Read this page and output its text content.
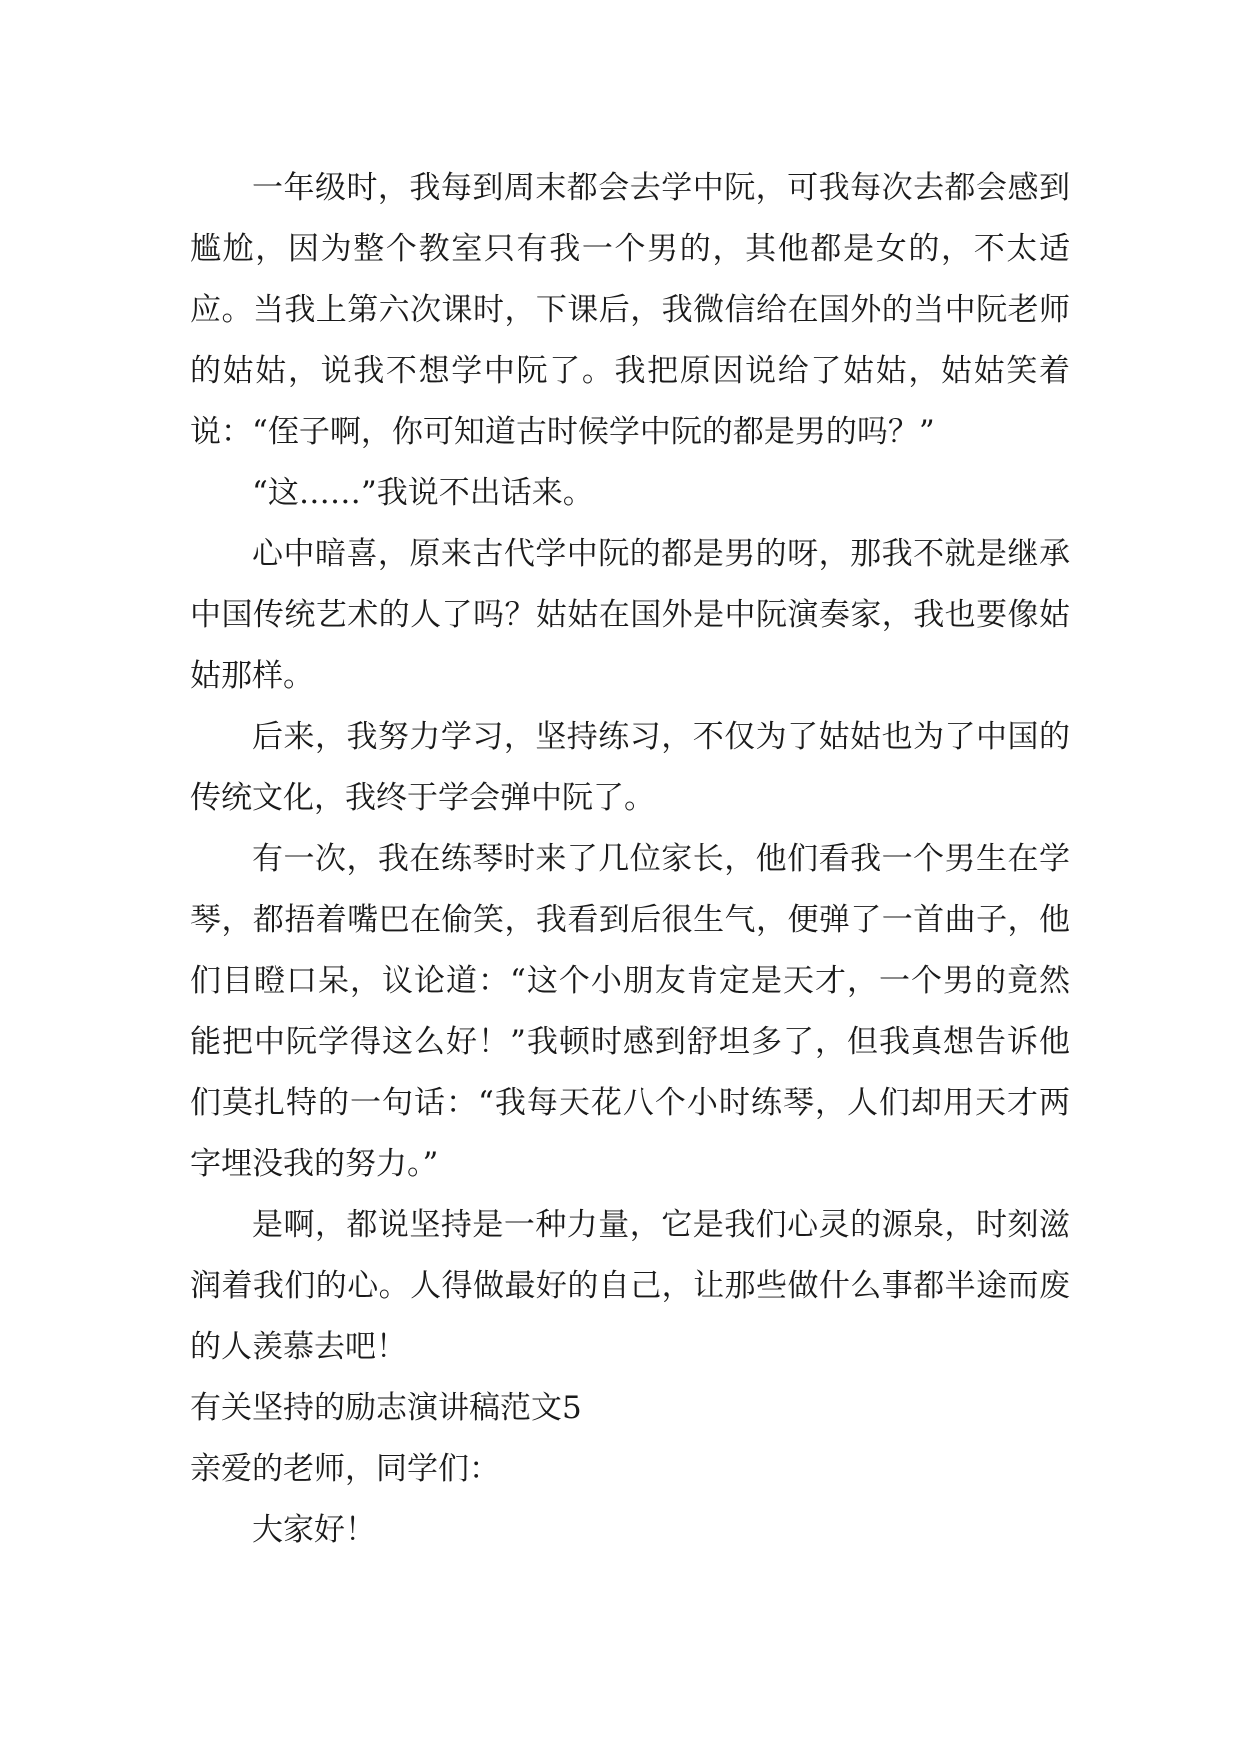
一年级时，我每到周末都会去学中阮，可我每次去都会感到尴尬，因为整个教室只有我一个男的，其他都是女的，不太适应。当我上第六次课时，下课后，我微信给在国外的当中阮老师的姑姑，说我不想学中阮了。我把原因说给了姑姑，姑姑笑着说：“侄子啊，你可知道古时候学中阮的都是男的吗？”

“这……”我说不出话来。

心中暗喜，原来古代学中阮的都是男的呀，那我不就是继承中国传统艺术的人了吗？姑姑在国外是中阮演奏家，我也要像姑姑那样。

后来，我努力学习，坚持练习，不仅为了姑姑也为了中国的传统文化，我终于学会弹中阮了。

有一次，我在练琴时来了几位家长，他们看我一个男生在学琴，都捂着嘴巴在偷笑，我看到后很生气，便弹了一首曲子，他们目瞪口呆，议论道：“这个小朋友肯定是天才，一个男的竟然能把中阮学得这么好！”我顿时感到舒坦多了，但我真想告诉他们莫扎特的一句话：“我每天花八个小时练琴，人们却用天才两字埋没我的努力。”

是啊，都说坚持是一种力量，它是我们心灵的源泉，时刻滋润着我们的心。人得做最好的自己，让那些做什么事都半途而废的人羡慕去吧！

有关坚持的励志演讲稿范文5

亲爱的老师，同学们：

大家好！
